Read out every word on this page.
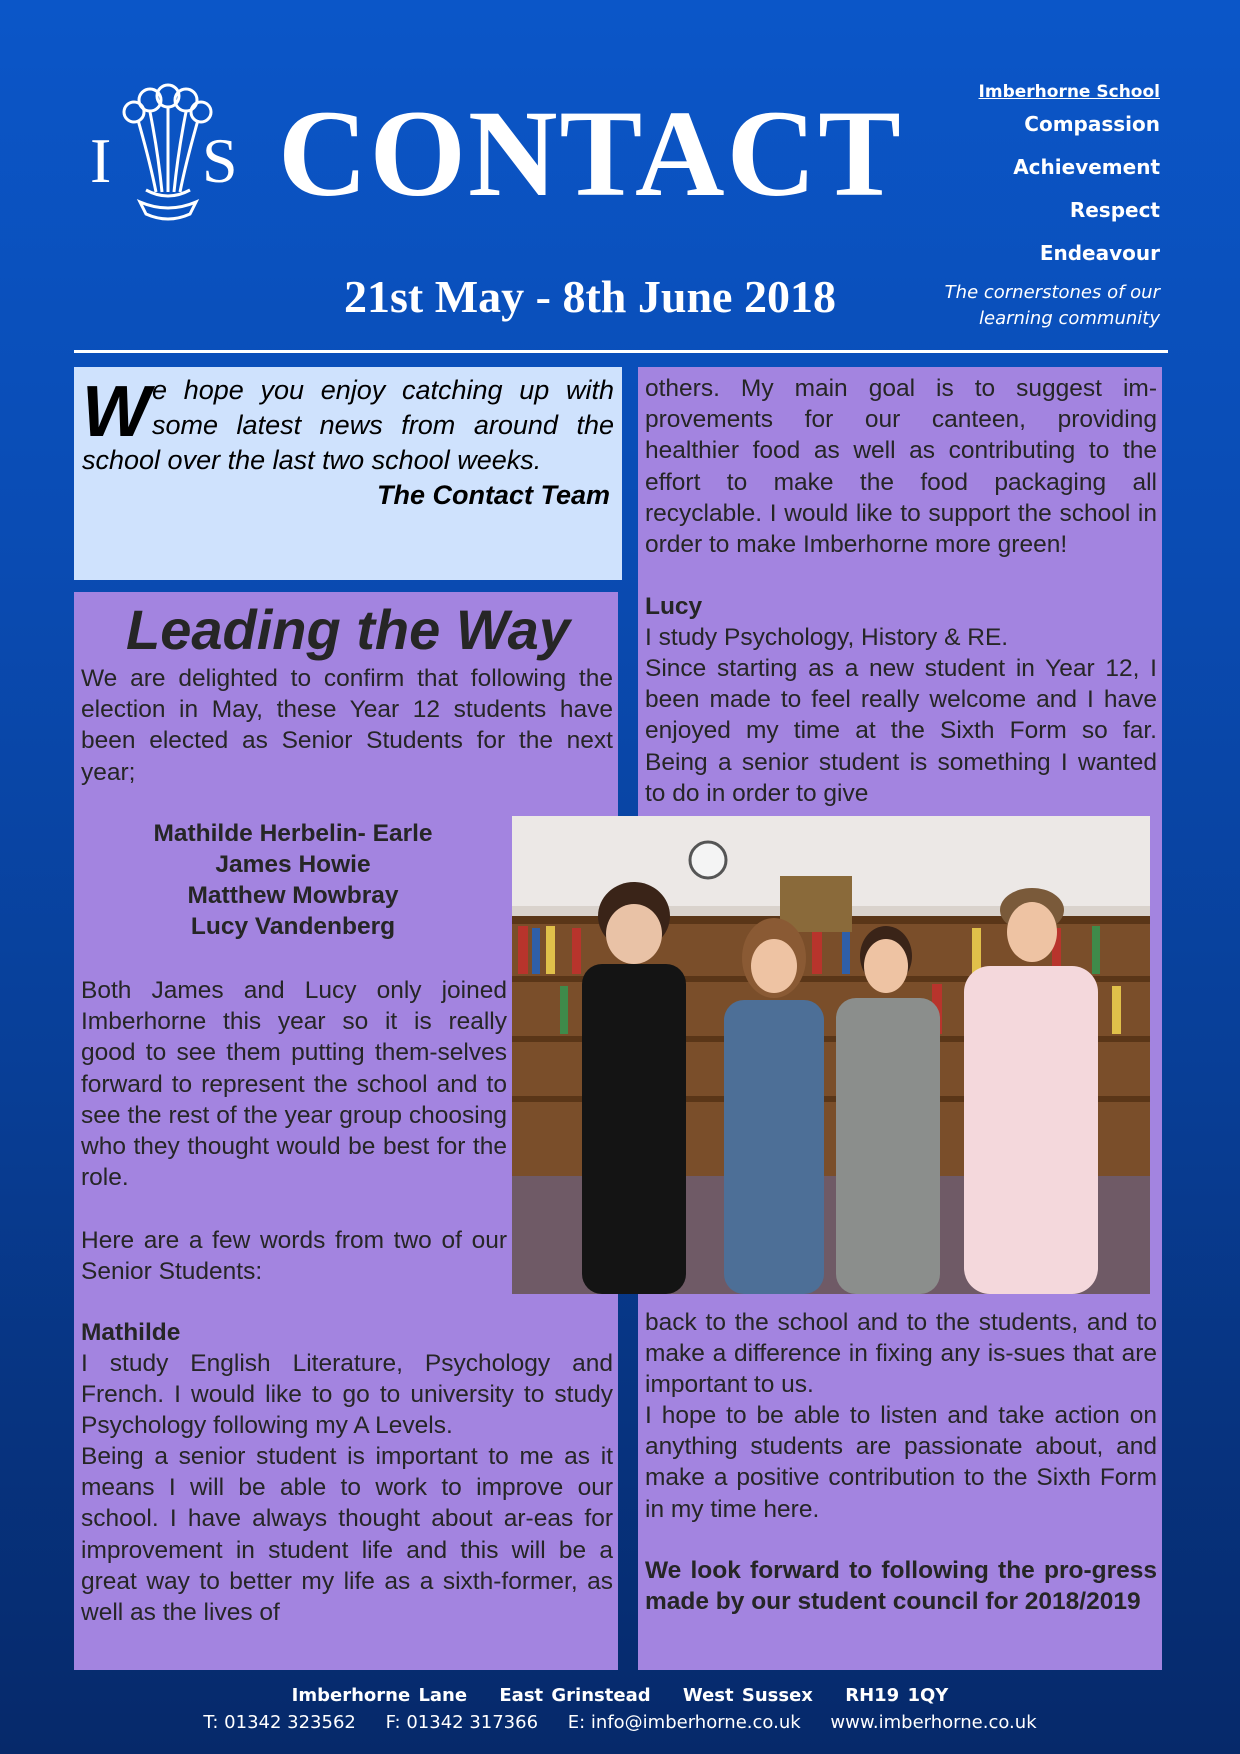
I S CONTACT
21st May - 8th June 2018
Imberhorne School
Compassion
Achievement
Respect
Endeavour
The cornerstones of our
learning community
We hope you enjoy catching up with some latest news from around the school over the last two school weeks.
The Contact Team
Leading the Way

We are delighted to confirm that following the election in May, these Year 12 students have been elected as Senior Students for the next year;

Mathilde Herbelin- Earle
James Howie
Matthew Mowbray
Lucy Vandenberg

Both James and Lucy only joined Imberhorne this year so it is really good to see them putting them-selves forward to represent the school and to see the rest of the year group choosing who they thought would be best for the role.

Here are a few words from two of our Senior Students:

Mathilde

I study English Literature, Psychology and French. I would like to go to university to study Psychology following my A Levels.

Being a senior student is important to me as it means I will be able to work to improve our school. I have always thought about ar-eas for improvement in student life and this will be a great way to better my life as a sixth-former, as well as the lives of

others. My main goal is to suggest im-provements for our canteen, providing healthier food as well as contributing to the effort to make the food packaging all recyclable. I would like to support the school in order to make Imberhorne more green!

Lucy

I study Psychology, History & RE.

Since starting as a new student in Year 12, I been made to feel really welcome and I have enjoyed my time at the Sixth Form so far. Being a senior student is something I wanted to do in order to give

back to the school and to the students, and to make a difference in fixing any is-sues that are important to us.

I hope to be able to listen and take action on anything students are passionate about, and make a positive contribution to the Sixth Form in my time here.

We look forward to following the pro-gress made by our student council for 2018/2019

Imberhorne Lane East Grinstead West Sussex RH19 1QY
T: 01342 323562 F: 01342 317366 E: info@imberhorne.co.uk www.imberhorne.co.uk
